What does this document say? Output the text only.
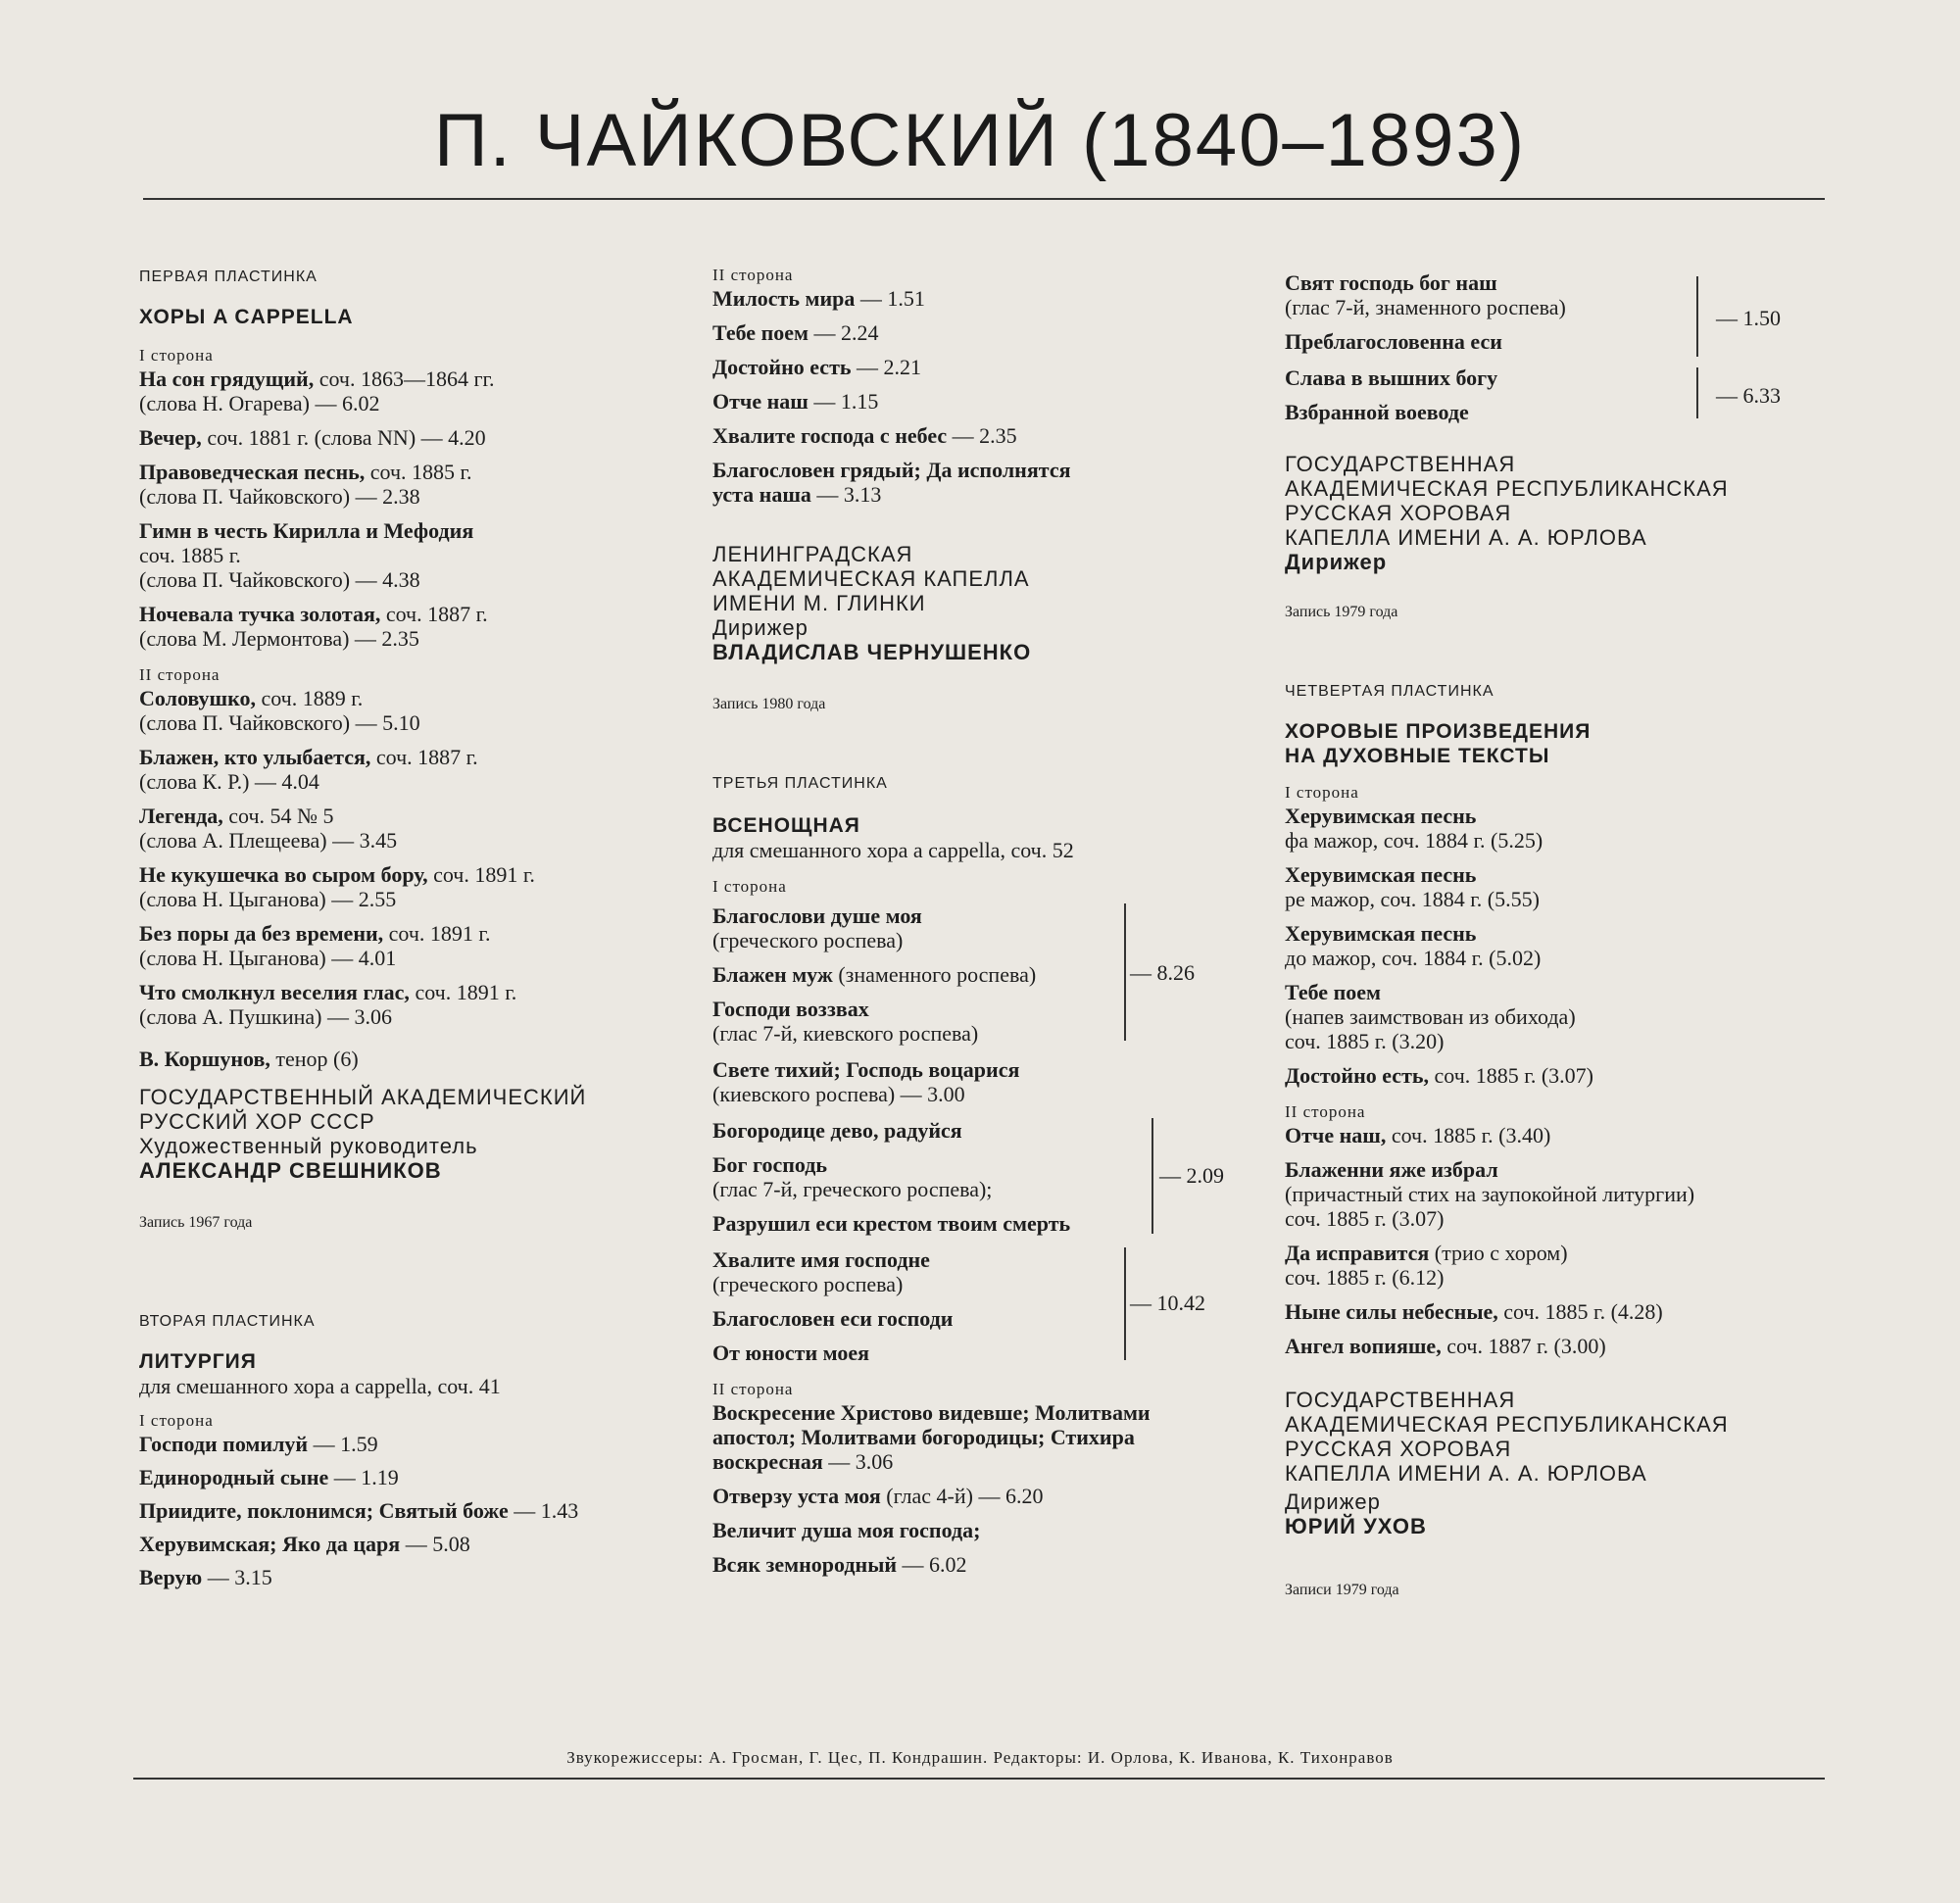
П. ЧАЙКОВСКИЙ (1840–1893)
ПЕРВАЯ ПЛАСТИНКА
ХОРЫ A CAPPELLA
I сторона
На сон грядущий, соч. 1863—1864 гг.
(слова Н. Огарева) — 6.02
Вечер, соч. 1881 г. (слова NN) — 4.20
Правоведческая песнь, соч. 1885 г.
(слова П. Чайковского) — 2.38
Гимн в честь Кирилла и Мефодия
соч. 1885 г.
(слова П. Чайковского) — 4.38
Ночевала тучка золотая, соч. 1887 г.
(слова М. Лермонтова) — 2.35
II сторона
Соловушко, соч. 1889 г.
(слова П. Чайковского) — 5.10
Блажен, кто улыбается, соч. 1887 г.
(слова К. Р.) — 4.04
Легенда, соч. 54 № 5
(слова А. Плещеева) — 3.45
Не кукушечка во сыром бору, соч. 1891 г.
(слова Н. Цыганова) — 2.55
Без поры да без времени, соч. 1891 г.
(слова Н. Цыганова) — 4.01
Что смолкнул веселия глас, соч. 1891 г.
(слова А. Пушкина) — 3.06
В. Коршунов, тенор (6)
ГОСУДАРСТВЕННЫЙ АКАДЕМИЧЕСКИЙ
РУССКИЙ ХОР СССР
Художественный руководитель
АЛЕКСАНДР СВЕШНИКОВ
Запись 1967 года
ВТОРАЯ ПЛАСТИНКА
ЛИТУРГИЯ
для смешанного хора a cappella, соч. 41
I сторона
Господи помилуй — 1.59
Единородный сыне — 1.19
Приидите, поклонимся; Святый боже — 1.43
Херувимская; Яко да царя — 5.08
Верую — 3.15
II сторона
Милость мира — 1.51
Тебе поем — 2.24
Достойно есть — 2.21
Отче наш — 1.15
Хвалите господа с небес — 2.35
Благословен грядый; Да исполнятся
уста наша — 3.13
ЛЕНИНГРАДСКАЯ
АКАДЕМИЧЕСКАЯ КАПЕЛЛА
ИМЕНИ М. ГЛИНКИ
Дирижер
ВЛАДИСЛАВ ЧЕРНУШЕНКО
Запись 1980 года
ТРЕТЬЯ ПЛАСТИНКА
ВСЕНОЩНАЯ
для смешанного хора a cappella, соч. 52
I сторона
Благослови душе моя
(греческого роспева)
Блажен муж (знаменного роспева)
Господи воззвах
(глас 7-й, киевского роспева)
— 8.26
Свете тихий; Господь воцарися
(киевского роспева) — 3.00
Богородице дево, радуйся
Бог господь
(глас 7-й, греческого роспева);
Разрушил еси крестом твоим смерть
— 2.09
Хвалите имя господне
(греческого роспева)
Благословен еси господи
От юности моея
— 10.42
II сторона
Воскресение Христово видевше; Молитвами
апостол; Молитвами богородицы; Стихира
воскресная — 3.06
Отверзу уста моя (глас 4-й) — 6.20
Величит душа моя господа;
Всяк земнородный — 6.02
Свят господь бог наш
(глас 7-й, знаменного роспева)
Преблагословенна еси
— 1.50
Слава в вышних богу
Взбранной воеводе
— 6.33
ГОСУДАРСТВЕННАЯ
АКАДЕМИЧЕСКАЯ РЕСПУБЛИКАНСКАЯ
РУССКАЯ ХОРОВАЯ
КАПЕЛЛА ИМЕНИ А. А. ЮРЛОВА
Дирижер
Запись 1979 года
ЧЕТВЕРТАЯ ПЛАСТИНКА
ХОРОВЫЕ ПРОИЗВЕДЕНИЯ
НА ДУХОВНЫЕ ТЕКСТЫ
I сторона
Херувимская песнь
фа мажор, соч. 1884 г. (5.25)
Херувимская песнь
ре мажор, соч. 1884 г. (5.55)
Херувимская песнь
до мажор, соч. 1884 г. (5.02)
Тебе поем
(напев заимствован из обихода)
соч. 1885 г. (3.20)
Достойно есть, соч. 1885 г. (3.07)
II сторона
Отче наш, соч. 1885 г. (3.40)
Блаженни яже избрал
(причастный стих на заупокойной литургии)
соч. 1885 г. (3.07)
Да исправится (трио с хором)
соч. 1885 г. (6.12)
Ныне силы небесные, соч. 1885 г. (4.28)
Ангел вопияше, соч. 1887 г. (3.00)
ГОСУДАРСТВЕННАЯ
АКАДЕМИЧЕСКАЯ РЕСПУБЛИКАНСКАЯ
РУССКАЯ ХОРОВАЯ
КАПЕЛЛА ИМЕНИ А. А. ЮРЛОВА
Дирижер
ЮРИЙ УХОВ
Записи 1979 года
Звукорежиссеры: А. Гросман, Г. Цес, П. Кондрашин. Редакторы: И. Орлова, К. Иванова, К. Тихонравов
